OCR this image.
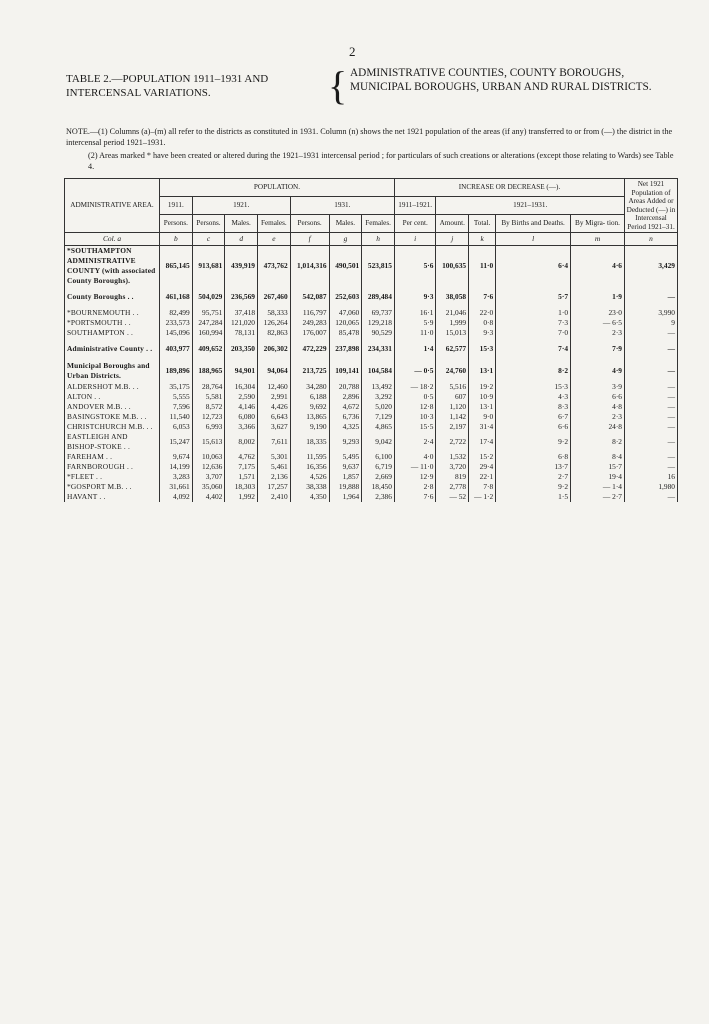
2
TABLE 2.—POPULATION 1911–1931 AND INTERCENSAL VARIATIONS.	{ ADMINISTRATIVE COUNTIES, COUNTY BOROUGHS, MUNICIPAL BOROUGHS, URBAN AND RURAL DISTRICTS.

NOTE.—(1) Columns (a)–(m) all refer to the districts as constituted in 1931. Column (n) shows the net 1921 population of the areas (if any) transferred to or from (—) the district in the intercensal period 1921–1931.

(2) Areas marked * have been created or altered during the 1921–1931 intercensal period ; for particulars of such creations or alterations (except those relating to Wards) see Table 4.

ADMINISTRATIVE AREA.	POPULATION.							INCREASE OR DECREASE (—).					Net 1921 Population of Areas Added or Deducted (—) in Intercensal Period 1921–31.
	1911.	1921.			1931.			1911–1921.	1921–1931.				
	Persons.	Persons.	Males.	Females.	Persons.	Males.	Females.	Per cent.	Amount.	Total.	By Births and Deaths.	By Migra- tion.	
Col. a	b	c	d	e	f	g	h	i	j	k	l	m	n
*SOUTHAMPTON ADMINISTRATIVE COUNTY (with associated County Boroughs).	865,145	913,681	439,919	473,762	1,014,316	490,501	523,815	5·6	100,635	11·0	6·4	4·6	3,429
County Boroughs . .	461,168	504,029	236,569	267,460	542,087	252,603	289,484	9·3	38,058	7·6	5·7	1·9	—
*BOURNEMOUTH . .	82,499	95,751	37,418	58,333	116,797	47,060	69,737	16·1	21,046	22·0	1·0	23·0	3,990
*PORTSMOUTH . .	233,573	247,284	121,020	126,264	249,283	120,065	129,218	5·9	1,999	0·8	7·3	— 6·5	9
SOUTHAMPTON . .	145,096	160,994	78,131	82,863	176,007	85,478	90,529	11·0	15,013	9·3	7·0	2·3	—
Administrative County . .	403,977	409,652	203,350	206,302	472,229	237,898	234,331	1·4	62,577	15·3	7·4	7·9	—
Municipal Boroughs and Urban Districts.	189,896	188,965	94,901	94,064	213,725	109,141	104,584	— 0·5	24,760	13·1	8·2	4·9	—
ALDERSHOT M.B. . .	35,175	28,764	16,304	12,460	34,280	20,788	13,492	— 18·2	5,516	19·2	15·3	3·9	—
ALTON . .	5,555	5,581	2,590	2,991	6,188	2,896	3,292	0·5	607	10·9	4·3	6·6	—
ANDOVER M.B. . .	7,596	8,572	4,146	4,426	9,692	4,672	5,020	12·8	1,120	13·1	8·3	4·8	—
BASINGSTOKE M.B. . .	11,540	12,723	6,080	6,643	13,865	6,736	7,129	10·3	1,142	9·0	6·7	2·3	—
CHRISTCHURCH M.B. . .	6,053	6,993	3,366	3,627	9,190	4,325	4,865	15·5	2,197	31·4	6·6	24·8	—
EASTLEIGH AND BISHOP-STOKE . .	15,247	15,613	8,002	7,611	18,335	9,293	9,042	2·4	2,722	17·4	9·2	8·2	—
FAREHAM . .	9,674	10,063	4,762	5,301	11,595	5,495	6,100	4·0	1,532	15·2	6·8	8·4	—
FARNBOROUGH . .	14,199	12,636	7,175	5,461	16,356	9,637	6,719	— 11·0	3,720	29·4	13·7	15·7	—
*FLEET . .	3,283	3,707	1,571	2,136	4,526	1,857	2,669	12·9	819	22·1	2·7	19·4	16
*GOSPORT M.B. . .	31,661	35,060	18,303	17,257	38,338	19,888	18,450	2·8	2,778	7·8	9·2	— 1·4	1,980
HAVANT . .	4,092	4,402	1,992	2,410	4,350	1,964	2,386	7·6	— 52	— 1·2	1·5	— 2·7	—
